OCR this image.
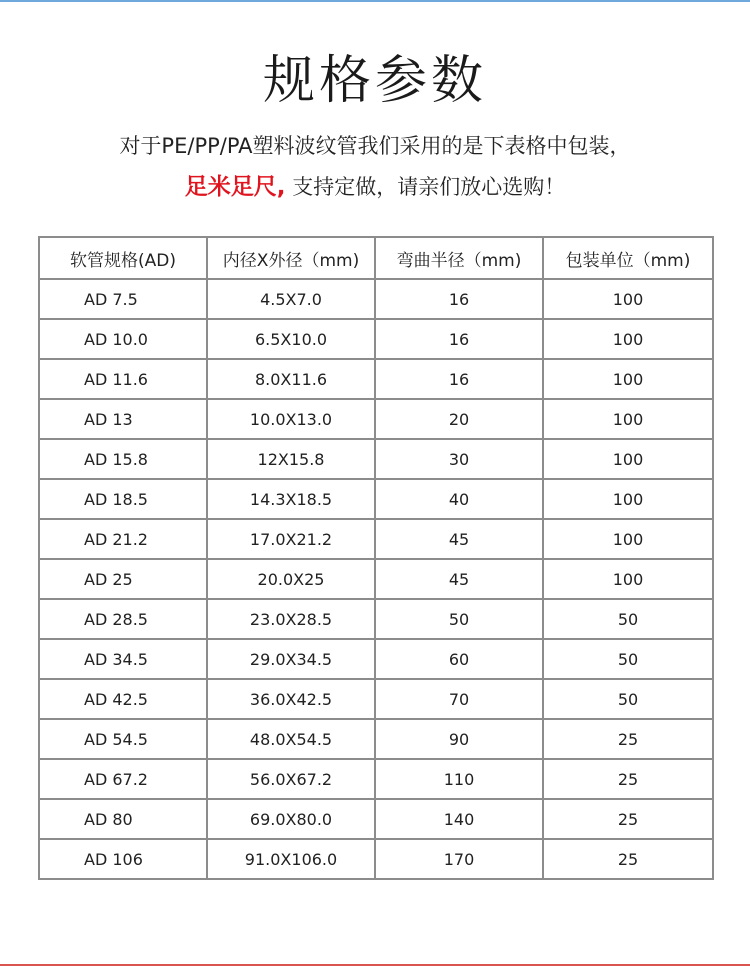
规格参数
对于PE/PP/PA塑料波纹管我们采用的是下表格中包装，
足米足尺, 支持定做，请亲们放心选购！
软管规格(AD)	内径X外径（mm)	弯曲半径（mm)	包装单位（mm)
AD 7.5	4.5X7.0	16	100
AD 10.0	6.5X10.0	16	100
AD 11.6	8.0X11.6	16	100
AD 13	10.0X13.0	20	100
AD 15.8	12X15.8	30	100
AD 18.5	14.3X18.5	40	100
AD 21.2	17.0X21.2	45	100
AD 25	20.0X25	45	100
AD 28.5	23.0X28.5	50	50
AD 34.5	29.0X34.5	60	50
AD 42.5	36.0X42.5	70	50
AD 54.5	48.0X54.5	90	25
AD 67.2	56.0X67.2	110	25
AD 80	69.0X80.0	140	25
AD 106	91.0X106.0	170	25
